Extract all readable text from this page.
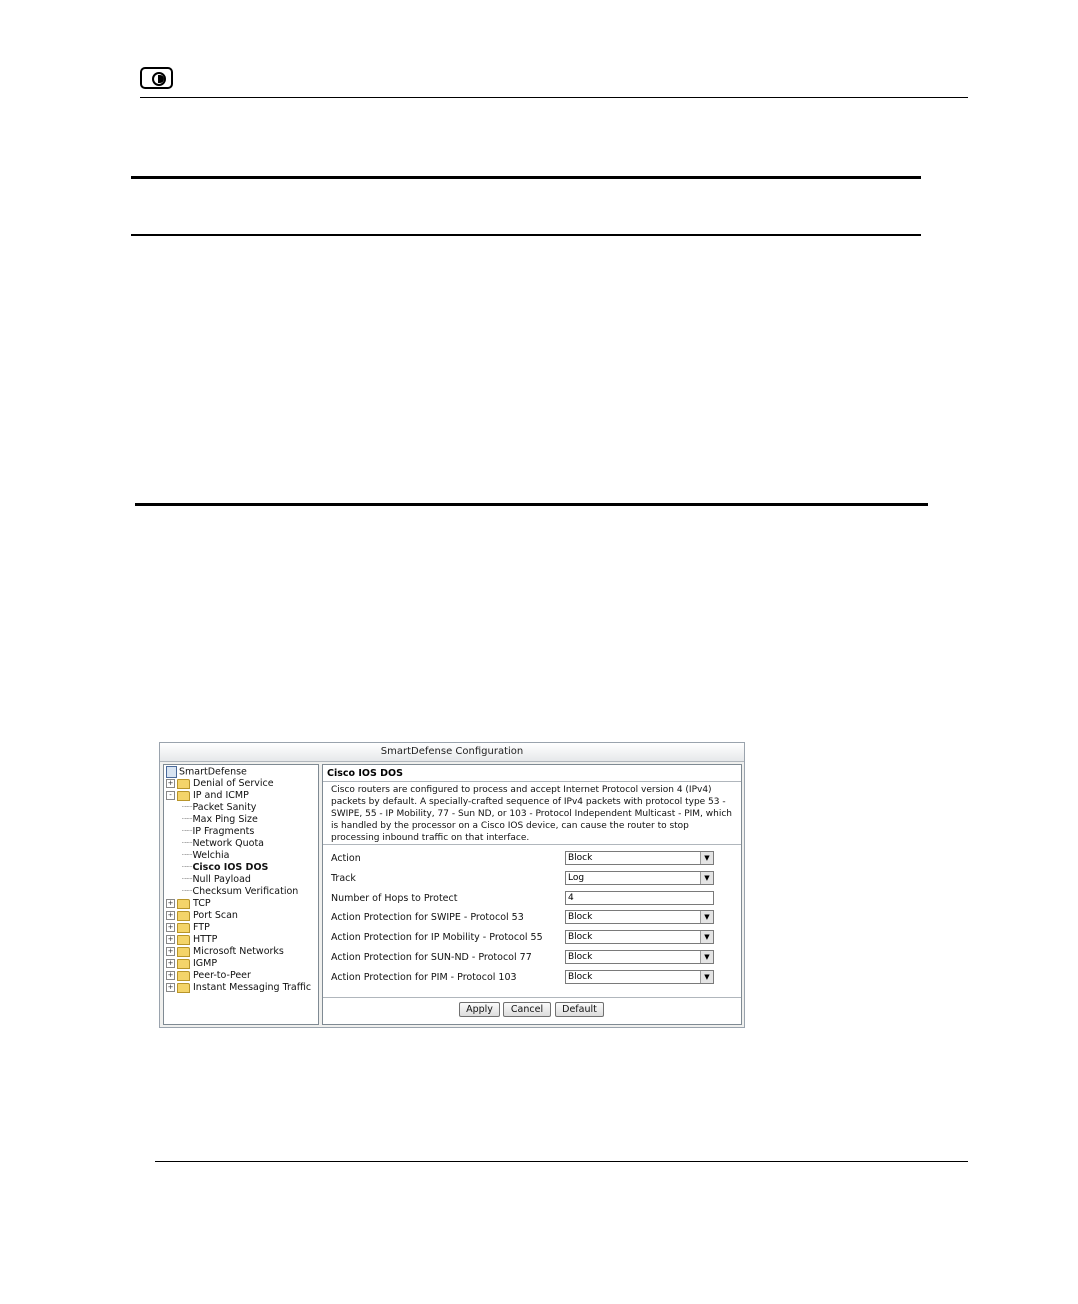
SmartDefense Configuration
SmartDefense
+ Denial of Service
- IP and ICMP
┈┈Packet Sanity
┈┈Max Ping Size
┈┈IP Fragments
┈┈Network Quota
┈┈Welchia
┈┈Cisco IOS DOS
┈┈Null Payload
┈┈Checksum Verification
+ TCP
+ Port Scan
+ FTP
+ HTTP
+ Microsoft Networks
+ IGMP
+ Peer-to-Peer
+ Instant Messaging Traffic
Cisco IOS DOS
Cisco routers are configured to process and accept Internet Protocol version 4 (IPv4) packets by default. A specially-crafted sequence of IPv4 packets with protocol type 53 - SWIPE, 55 - IP Mobility, 77 - Sun ND, or 103 - Protocol Independent Multicast - PIM, which is handled by the processor on a Cisco IOS device, can cause the router to stop processing inbound traffic on that interface.
Action	Block	▼
Track	Log	▼
Number of Hops to Protect	4
Action Protection for SWIPE - Protocol 53	Block	▼
Action Protection for IP Mobility - Protocol 55	Block	▼
Action Protection for SUN-ND - Protocol 77	Block	▼
Action Protection for PIM - Protocol 103	Block	▼
Apply	Cancel	Default
